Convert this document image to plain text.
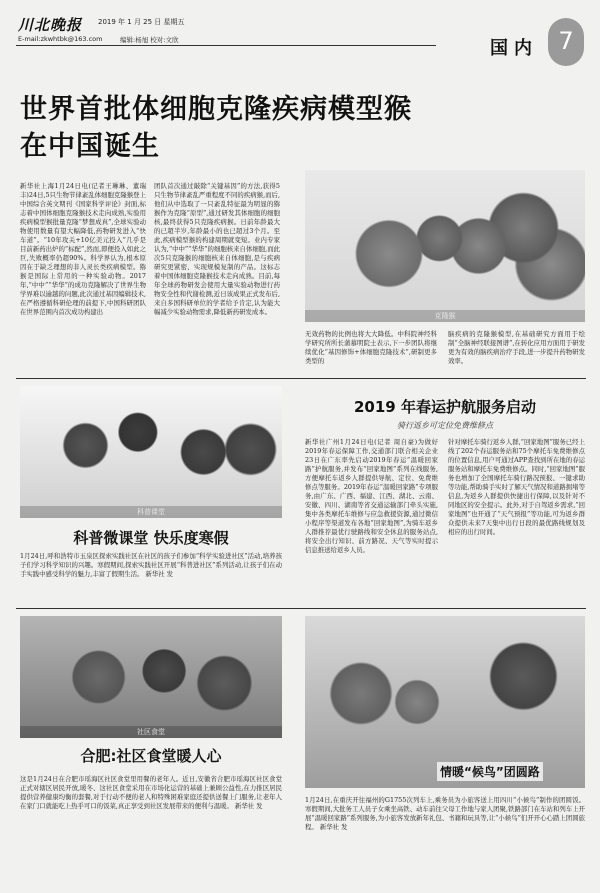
川北晚报 2019 年 1 月 25 日 星期五
E-mail:zkwhtbk@163.com	编辑:杨旭 校对:文欣	国内 7
世界首批体细胞克隆疾病模型猴
在中国诞生
新华社上海1月24日电(记者王琳琳、董瑞丰)24日,5只生物节律紊乱体细胞克隆猴登上中国综合英文期刊《国家科学评论》封面,标志着中国体细胞克隆猴技术走向成熟,实验用疾病模型猴批量克隆“梦想成真”,全球实验动物使用数量有望大幅降低,药物研发进入“快车道”。“10年攻关+10亿美元投入”几乎是目前新药出炉的“标配”,然而,即便投入如此之巨,失败概率仍超90%。科学界认为,根本原因在于缺乏理想的非人灵长类疾病模型。猕猴是国际上常用的一种实验动物。2017年,“中中”“华华”的成功克隆解决了世界生物学界难以逾越的问题,此次通过基因编辑技术,在严格遵循科研伦理的前提下,中国科研团队在世界范围内首次成功构建出
团队首次通过敲除“关键基因”的方法,获得5只生物节律紊乱严重程度不同的疾病猴,而后,他们从中选取了一只紊乱特征最为明显的猕猴作为克隆“原型”,通过研发其体细胞的细胞核,最终获得5只克隆疾病猴。日前年龄最大的已超半岁,年龄最小的也已超过3个月。至此,疾病模型猴的构建周期就变短。业内专家认为,“中中”“华华”的细胞核来自体细胞,而此次5只克隆猴的细胞核来自体细胞,是与疾病研究更紧密、实现规模复制的产品。这标志着中国体细胞克隆猴技术走向成熟。目前,每年全球药物研发会使用大量实验动物进行药物安全性和代谢检测,近日该成果正式发布后,来自多国科研单位的学者给予肯定,认为能大幅减少实验动物需求,降低新药研发成本。	克隆猴
无效药物的比例也将大大降低。中科院神经科学研究所所长蒲慕明院士表示,下一步团队将继续优化“基因修饰+体细胞克隆技术”,研制更多类型的
脑疾病的克隆猴模型,在基础研究方面用于绘制“全脑神经联接图谱”,在转化应用方面用于研发更为有效的脑疾病治疗手段,进一步提升药物研发效率。
科普课堂
科普微课堂 快乐度寒假
1月24日,呼和浩特市玉泉区探索实践社区在社区的孩子们参加“科学实验进社区”活动,培养孩子们学习科学知识的兴趣。寒假期间,探索实践社区开展“科普进社区”系列活动,让孩子们在动手实践中感受科学的魅力,丰富了假期生活。 新华社 发
2019 年春运护航服务启动
骑行返乡可定位免费维修点
新华社广州1月24日电(记者 周自豪)为做好2019年春运保障工作,交通部门联合相关企业23日在广东率先启动2019年春运“温暖回家路”护航服务,并发布“回家地图”系列在线服务,方便摩托车返乡人群提供导航、定位、免费维修点等服务。2019年春运“温暖回家路”专项服务,由广东、广西、福建、江西、湖北、云南、安徽、四川、湖南等省交通运输部门牵头实施,集中各类摩托车维修与应急救援资源,通过微信小程序等渠道发布各地“回家地图”,为骑车返乡人群推荐最优行驶路线和安全休息的服务站点,将安全出行知识、前方路况、天气等实时提示信息推送给返乡人员。
针对摩托车骑行返乡人群,“回家地图”服务已经上线了202个春运服务站和75个摩托车免费维修点的位置信息,用户可通过APP查找到所在地的春运服务站和摩托车免费维修点。同时,“回家地图”服务也增加了全国摩托车骑行路况预报、一键求助等功能,帮助骑手实时了解天气情况和道路拥堵等信息,为返乡人群提供快捷出行保障,以及针对不同地区的安全提示。此外,对于自驾返乡需求,“回家地图”也开通了“天气预报”等功能,可为返乡群众提供未来7天集中出行日段的最优路线规划及相应的出行时间。
社区食堂
合肥:社区食堂暖人心
这是1月24日在合肥市瑶海区社区食堂里用餐的老年人。近日,安徽省合肥市瑶海区社区食堂正式对辖区居民开放,暖冬、这社区食堂采用在市场化运营的基础上兼顾公益性,在力推区居民提供营养健康均衡的套餐,对于行动不便的老人和特殊困难家庭还提供送餐上门服务,让老年人在家门口就能吃上热乎可口的饭菜,真正享受到社区发展带来的便利与温暖。 新华社 发
情暖“候鸟”团圆路
1月24日,在重庆开往福州的G1755次列车上,乘务员为小旅客送上用四川“小候鸟”制作的团圆饭。寒假期间,大批务工人员子女乘坐高铁、动车前往父母工作地与家人团聚,铁路部门在车站和列车上开展“温暖回家路”系列服务,为小旅客发放新年礼包、书籍和玩具等,让“小候鸟”们开开心心踏上团圆旅程。 新华社 发
